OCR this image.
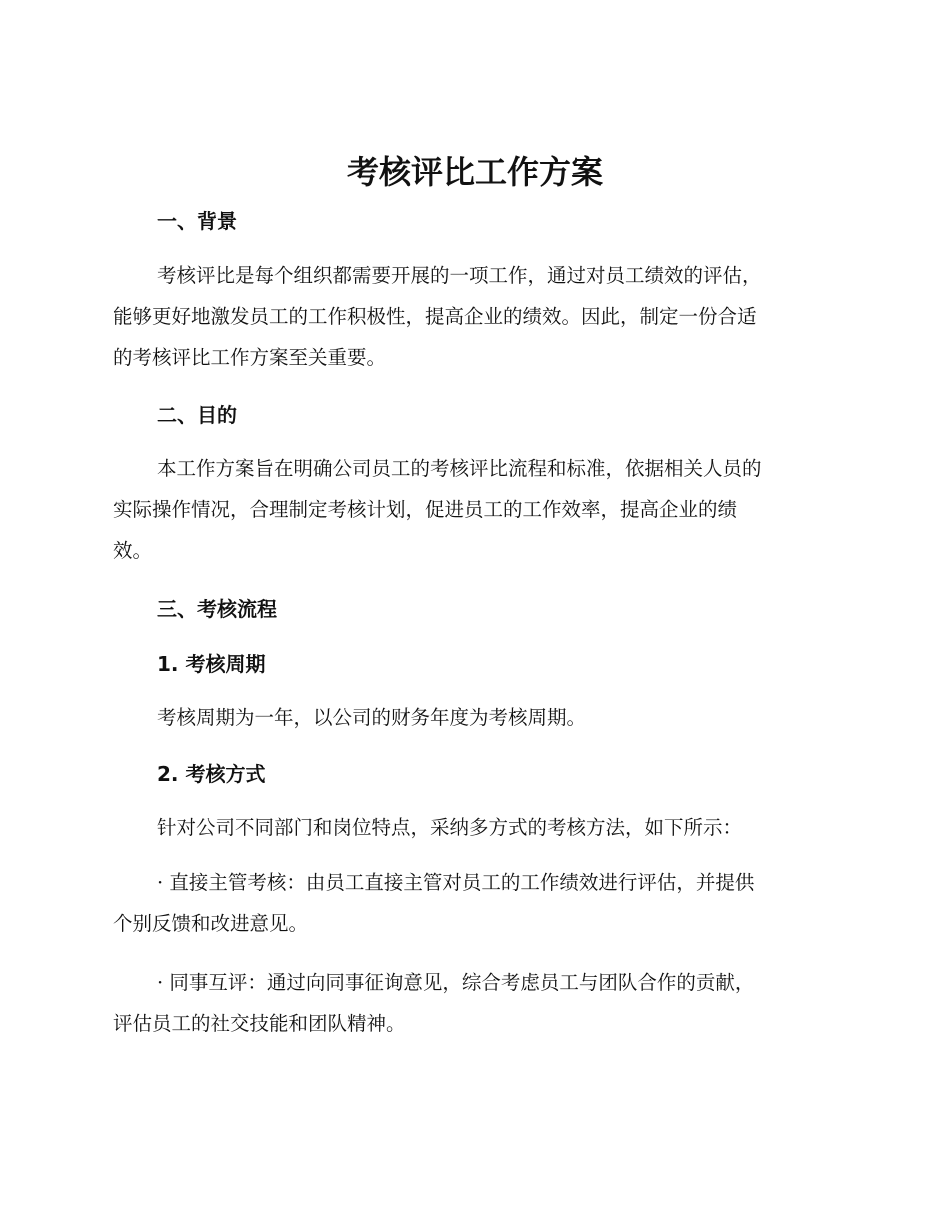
考核评比工作方案
一、背景

考核评比是每个组织都需要开展的一项工作，通过对员工绩效的评估，
能够更好地激发员工的工作积极性，提高企业的绩效。因此，制定一份合适
的考核评比工作方案至关重要。

二、目的

本工作方案旨在明确公司员工的考核评比流程和标准，依据相关人员的
实际操作情况，合理制定考核计划，促进员工的工作效率，提高企业的绩
效。

三、考核流程
1. 考核周期

考核周期为一年，以公司的财务年度为考核周期。

2. 考核方式

针对公司不同部门和岗位特点，采纳多方式的考核方法，如下所示：

· 直接主管考核：由员工直接主管对员工的工作绩效进行评估，并提供
个别反馈和改进意见。

· 同事互评：通过向同事征询意见，综合考虑员工与团队合作的贡献，
评估员工的社交技能和团队精神。
